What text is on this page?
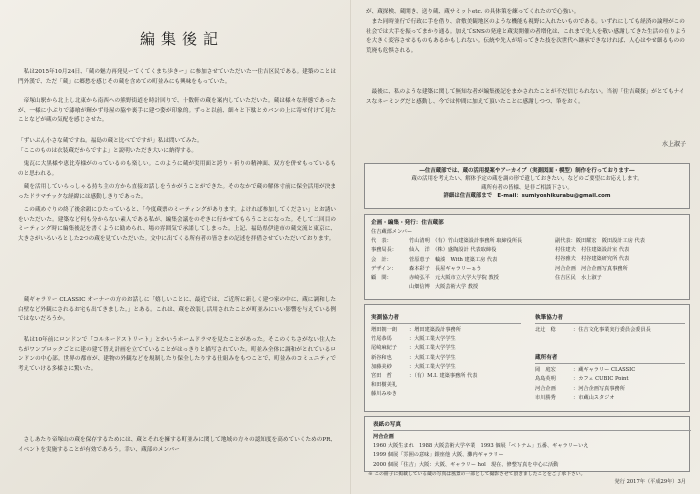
編集後記

　私は2015年10月24日、「蔵の魅力再発見ーてくてくまち歩きー」に参加させていただいた一住吉区民である。建築のことは門外漢で、ただ「蔵」に郷愁を感じその蔵を含めての町並みにも興味をもっていた。

　帝塚山駅から北上し北東から南西への熊野街道を時計回りで、十数軒の蔵を案内していただいた。蔵は様々な形態であったが、一様に小ぶりで漆喰が輝かず母屋の脇や裏手に建つ姿が印象的。ずっと以前、細々と下駄とカバンの上に寄せ付けて見たことなどが蔵の気配を感じさせた。

「ずいぶん小さな蔵ですね。福島の蔵と比べてですが」私は問いてみた。

「ここのものは衣装蔵だからですよ」と説明いただき大いに納得する。

　鬼瓦に大黒様や恵比寿様がのっているのも楽しい。このように蔵が実用面と誇り・祈りの精神面、双方を併せもっているものと思われる。

　蔵を活用していらっしゃる持ち主の方から直接お話しをうかがうことができた。そのなかで蔵の解体寸前に保全活用が決まったドラマチックな経緯には感動しきりであった。

　この蔵めぐりの終了後余韻にひたっていると、「今度蔵票のミーティングがあります。よければ参加してください」とお誘いをいただいた。建築など何も分からない素人である私が、編集会議をのぞきに行かせてもらうことになった。そして二回目のミーティング時に編集後記を書くように勧められ、場の雰囲気で承諾してしまった。上記、福島県伊達市の蔵交流と東京に、大きさがいろいろとした2つの蔵を見ていただいた。文中に出てくる所有者の皆さまの記述を拝借させていただいております。

　蔵ギャラリー CLASSIC オーナーの方のお話しに「嬉しいことに、最近では、ご近所に新しく建つ家の中に、蔵に調和した白壁など外観にされるお宅も出てきました。」とある。これは、蔵を改装し活用されたことが町並みにいい影響を与えている例ではないだろうか。

　私は10年前にロンドンで「コルネードストリート」とかいうホームドラマを見たことがあった。そこのくちさがない住人たちがワンブロックごとに建の建て替え計画を立てていることがはっきりと描写されていた。町並み全体に調和がとれているロンドンの中心部。世界の都市が、建物の外観などを規制したり保全したりする仕組みをもつことで、町並みのコミュニティで考えていける多様さに驚いた。

　さしあたり帝塚山の蔵を保存するためには、蔵とそれを擁する町並みに関して地域の方々の認知度を高めていくためのPR、イベントを実施することが有効であろう。幸い、蔵部のメンバー

が、蔵探検、蔵開き、送り蔵、蔵サミットetc. の具体策を練ってくれたので心強い。

　また同時並行で行政に手を借り、倉敷美観地区のような機能も視野に入れたいものである。いずれにしても経済の論理がこの社会では大手を振ってまかり通る。加えてSNSの発達と蔵実開催の者増化は、これまで先人を敬い感謝してきた生活の在りようを大きく変容させるものもあるかもしれない。伝統や先人が培ってきた技を次世代へ継承できなければ、人心はやせ細るものの荒廃も危惧される。

　最後に、私のような建築に関して無知な者が編集後記をまかされたことが不だ信じられない。当初「住吉蔵探」がとてもナイスなネーミングだと感動し、今では仲間に加えて頂いたことに感謝しつつ、筆をおく。

水上淑子
―住吉蔵部では、蔵の活用提案やアーカイブ（実測図面・模型）制作を行っております―
蔵の活用を考えたい、解体予定の蔵を調の形で遺しておきたい。などのご要望にお応えします。
蔵所有者の皆様、是非ご相談下さい。
詳細は住吉蔵部まで　E-mail：sumiyoshikurabu@gmail.com
企画・編集・発行：住吉蔵部
住吉蔵部メンバー
代　表：	竹山清明　 （有）竹山建築設計事務所 取締役所長
事務局長： 仙入　洋　 （株）盛陶設計 代表取締役
会　計：	菅原恵子　輪湊　 With 建築工房 代表
デザイン： 森本彩子　 長屋ギャラリーぁう
顧　問：	赤崎弘平　 元大阪市立大学大学院 教授
山畑信博　 大阪芸術大学 教授
副代表：阪田耀宏　 阪田設計工房 代表
村住建夫　 村住建築設計室 代表
村谷雅夫　 村谷建築研究所 代表
河合企画　 河合企画写真事務所
住吉区民　 水上淑子
実測協力者
増田朝一朗 ：増田建築設計事務所
竹尾恭馬	：大阪工業大学学生
尾崎麻紀子 ：大阪工業大学学生
新谷和也	：大阪工業大学学生
加藤美紗	：大阪工業大学学生
宮田　哲	：（有）M.I. 建築事務所 代表
和田樹美礼
藤川みゆき
執筆協力者
北辻　稔	：住吉文化事業実行委員会委員長
蔵所有者
岡　庭宏	：蔵ギャラリー CLASSIC
鳥島英明	：カフェ CUBIC Point
河合企画	：河合企画写真事務所
市川勝秀	：市蔵山スタジオ
表紙の写真
河合企画
1960 大阪生まれ　1988 大阪芸術大学卒業　1993 個展「ベトナム」五番、ギャラリーいえ
1999 個展「雰囲の意味」銀座他 大阪、灘内ギャラリー
2000 個展「住吉」大阪：大阪、ギャラリー hol　現在、修整写真を中心に活動
※ この冊子に掲載している蔵の写真は風景の一部として撮影させて頂きましたことをご了承下さい。
発行 2017年（平成29年）3月
